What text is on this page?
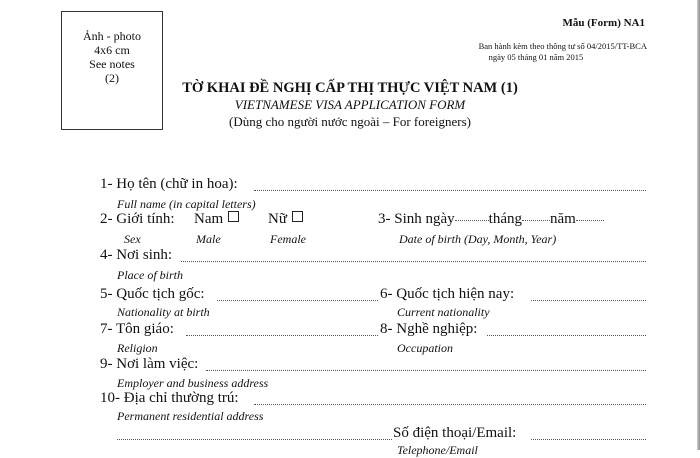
Ảnh - photo
4x6 cm
See notes
(2)
Mẫu (Form) NA1
Ban hành kèm theo thông tư số 04/2015/TT-BCA
ngày 05 tháng 01 năm 2015
TỜ KHAI ĐỀ NGHỊ CẤP THỊ THỰC VIỆT NAM (1)
VIETNAMESE VISA APPLICATION FORM
(Dùng cho người nước ngoài – For foreigners)
1- Họ tên (chữ in hoa):
Full name (in capital letters)
2- Giới tính: Nam	Nữ
Sex	Male	Female
3- Sinh ngày tháng năm
Date of birth (Day, Month, Year)
4- Nơi sinh:
Place of birth
5- Quốc tịch gốc:	6- Quốc tịch hiện nay:
Nationality at birth	Current nationality
7- Tôn giáo:	8- Nghề nghiệp:
Religion	Occupation
9- Nơi làm việc:
Employer and business address
10- Địa chỉ thường trú:
Permanent residential address
Số điện thoại/Email:
Telephone/Email
